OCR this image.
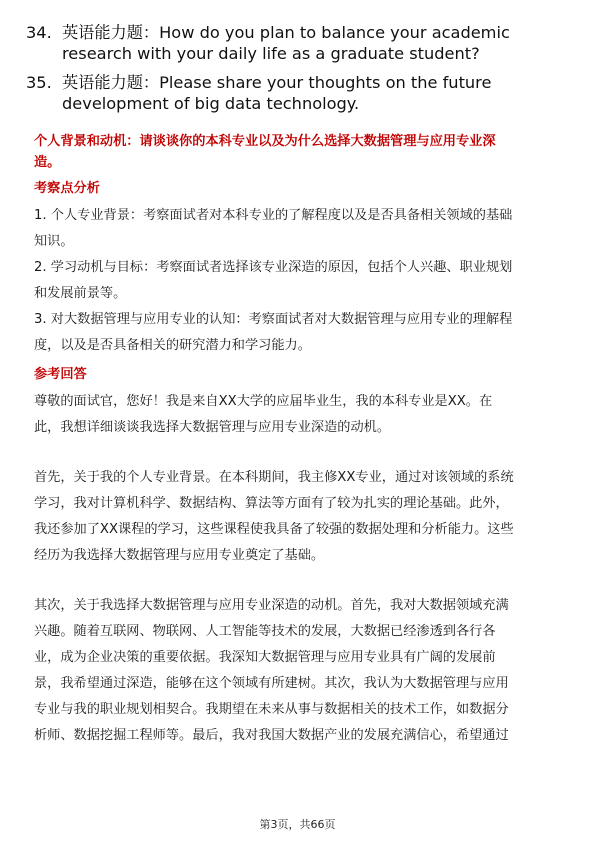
34. 英语能力题：How do you plan to balance your academic
research with your daily life as a graduate student?
35. 英语能力题：Please share your thoughts on the future
development of big data technology.

个人背景和动机：请谈谈你的本科专业以及为什么选择大数据管理与应用专业深
造。

考察点分析

1. 个人专业背景：考察面试者对本科专业的了解程度以及是否具备相关领域的基础
知识。

2. 学习动机与目标：考察面试者选择该专业深造的原因，包括个人兴趣、职业规划
和发展前景等。

3. 对大数据管理与应用专业的认知：考察面试者对大数据管理与应用专业的理解程
度，以及是否具备相关的研究潜力和学习能力。

参考回答

尊敬的面试官，您好！我是来自XX大学的应届毕业生，我的本科专业是XX。在
此，我想详细谈谈我选择大数据管理与应用专业深造的动机。

首先，关于我的个人专业背景。在本科期间，我主修XX专业，通过对该领域的系统
学习，我对计算机科学、数据结构、算法等方面有了较为扎实的理论基础。此外，
我还参加了XX课程的学习，这些课程使我具备了较强的数据处理和分析能力。这些
经历为我选择大数据管理与应用专业奠定了基础。

其次，关于我选择大数据管理与应用专业深造的动机。首先，我对大数据领域充满
兴趣。随着互联网、物联网、人工智能等技术的发展，大数据已经渗透到各行各
业，成为企业决策的重要依据。我深知大数据管理与应用专业具有广阔的发展前
景，我希望通过深造，能够在这个领域有所建树。其次，我认为大数据管理与应用
专业与我的职业规划相契合。我期望在未来从事与数据相关的技术工作，如数据分
析师、数据挖掘工程师等。最后，我对我国大数据产业的发展充满信心，希望通过

第3页，共66页
